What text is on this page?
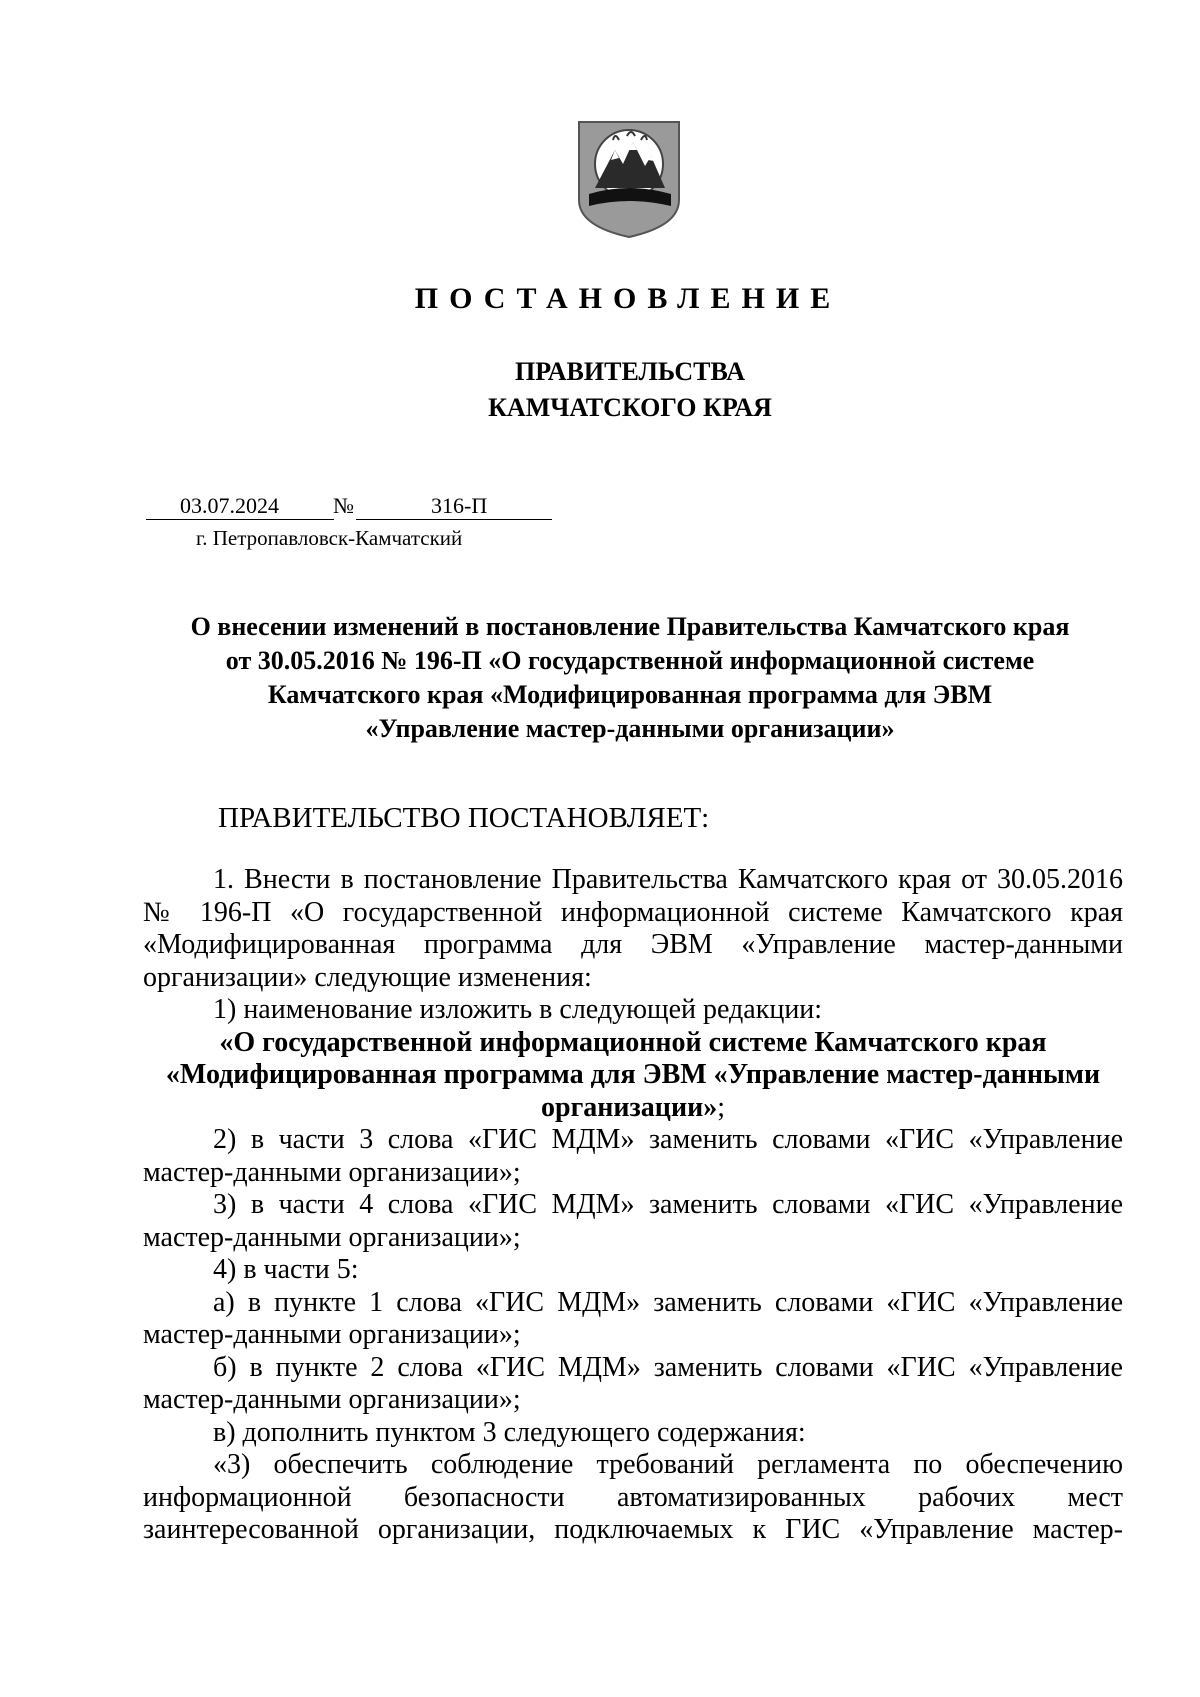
ПОСТАНОВЛЕНИЕ
ПРАВИТЕЛЬСТВА
КАМЧАТСКОГО КРАЯ
03.07.2024 №	316-П
г. Петропавловск-Камчатский
О внесении изменений в постановление Правительства Камчатского края
от 30.05.2016 № 196-П «О государственной информационной системе
Камчатского края «Модифицированная программа для ЭВМ
«Управление мастер-данными организации»
ПРАВИТЕЛЬСТВО ПОСТАНОВЛЯЕТ:

1. Внести в постановление Правительства Камчатского края от 30.05.2016 № 196-П «О государственной информационной системе Камчатского края «Модифицированная программа для ЭВМ «Управление мастер-данными организации» следующие изменения:

1) наименование изложить в следующей редакции:

«О государственной информационной системе Камчатского края «Модифицированная программа для ЭВМ «Управление мастер-данными организации»;

2) в части 3 слова «ГИС МДМ» заменить словами «ГИС «Управление мастер-данными организации»;

3) в части 4 слова «ГИС МДМ» заменить словами «ГИС «Управление мастер-данными организации»;

4) в части 5:

а) в пункте 1 слова «ГИС МДМ» заменить словами «ГИС «Управление мастер-данными организации»;

б) в пункте 2 слова «ГИС МДМ» заменить словами «ГИС «Управление мастер-данными организации»;

в) дополнить пунктом 3 следующего содержания:

«3) обеспечить соблюдение требований регламента по обеспечению информационной безопасности автоматизированных рабочих мест заинтересованной организации, подключаемых к ГИС «Управление мастер-
